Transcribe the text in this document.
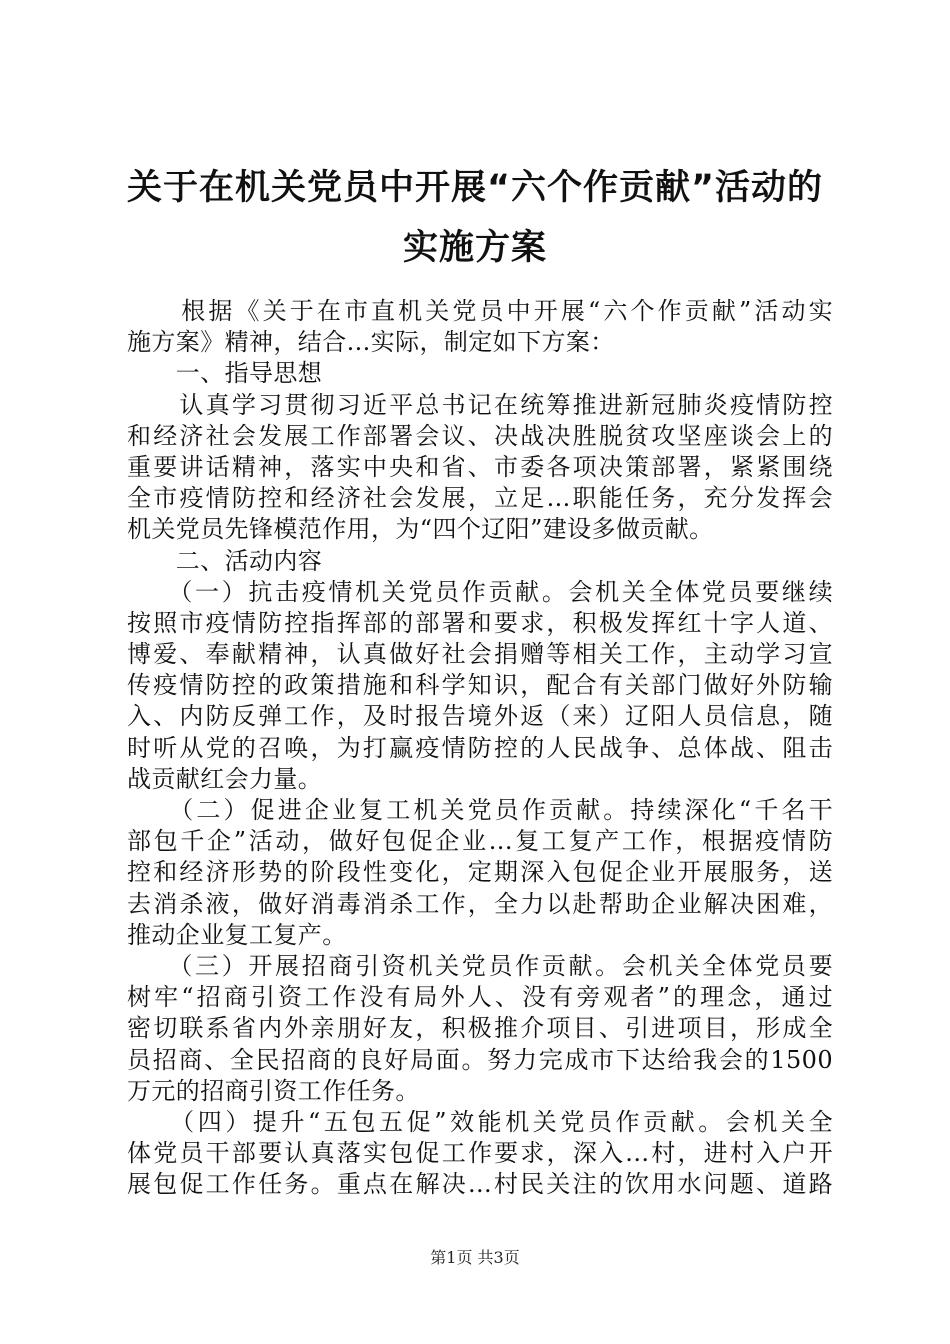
关于在机关党员中开展“六个作贡献”活动的
实施方案
　　根据《关于在市直机关党员中开展“六个作贡献”活动实
施方案》精神，结合...实际，制定如下方案：
　　一、指导思想
　　认真学习贯彻习近平总书记在统筹推进新冠肺炎疫情防控
和经济社会发展工作部署会议、决战决胜脱贫攻坚座谈会上的
重要讲话精神，落实中央和省、市委各项决策部署，紧紧围绕
全市疫情防控和经济社会发展，立足...职能任务，充分发挥会
机关党员先锋模范作用，为“四个辽阳”建设多做贡献。
　　二、活动内容
　　（一）抗击疫情机关党员作贡献。会机关全体党员要继续
按照市疫情防控指挥部的部署和要求，积极发挥红十字人道、
博爱、奉献精神，认真做好社会捐赠等相关工作，主动学习宣
传疫情防控的政策措施和科学知识，配合有关部门做好外防输
入、内防反弹工作，及时报告境外返（来）辽阳人员信息，随
时听从党的召唤，为打赢疫情防控的人民战争、总体战、阻击
战贡献红会力量。
　　（二）促进企业复工机关党员作贡献。持续深化“千名干
部包千企”活动，做好包促企业...复工复产工作，根据疫情防
控和经济形势的阶段性变化，定期深入包促企业开展服务，送
去消杀液，做好消毒消杀工作，全力以赴帮助企业解决困难，
推动企业复工复产。
　　（三）开展招商引资机关党员作贡献。会机关全体党员要
树牢“招商引资工作没有局外人、没有旁观者”的理念，通过
密切联系省内外亲朋好友，积极推介项目、引进项目，形成全
员招商、全民招商的良好局面。努力完成市下达给我会的1500
万元的招商引资工作任务。
　　（四）提升“五包五促”效能机关党员作贡献。会机关全
体党员干部要认真落实包促工作要求，深入...村，进村入户开
展包促工作任务。重点在解决...村民关注的饮用水问题、道路
第1页 共3页
